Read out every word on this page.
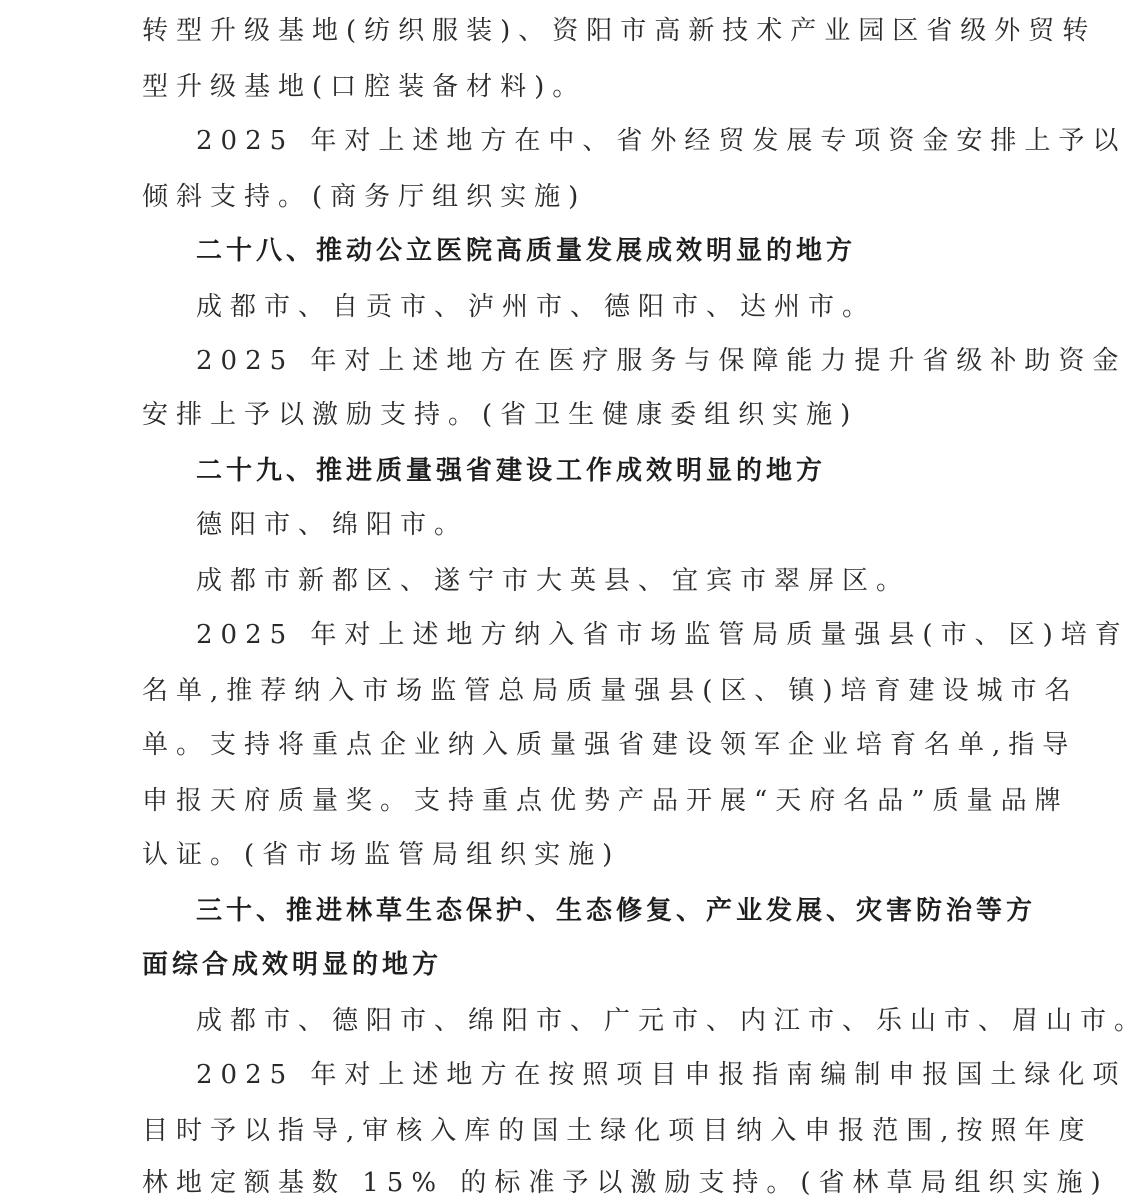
转型升级基地(纺织服装)、资阳市高新技术产业园区省级外贸转
型升级基地(口腔装备材料)。
2025 年对上述地方在中、省外经贸发展专项资金安排上予以
倾斜支持。(商务厅组织实施)
二十八、推动公立医院高质量发展成效明显的地方
成都市、自贡市、泸州市、德阳市、达州市。
2025 年对上述地方在医疗服务与保障能力提升省级补助资金
安排上予以激励支持。(省卫生健康委组织实施)
二十九、推进质量强省建设工作成效明显的地方
德阳市、绵阳市。
成都市新都区、遂宁市大英县、宜宾市翠屏区。
2025 年对上述地方纳入省市场监管局质量强县(市、区)培育
名单,推荐纳入市场监管总局质量强县(区、镇)培育建设城市名
单。支持将重点企业纳入质量强省建设领军企业培育名单,指导
申报天府质量奖。支持重点优势产品开展“天府名品”质量品牌
认证。(省市场监管局组织实施)
三十、推进林草生态保护、生态修复、产业发展、灾害防治等方
面综合成效明显的地方
成都市、德阳市、绵阳市、广元市、内江市、乐山市、眉山市。
2025 年对上述地方在按照项目申报指南编制申报国土绿化项
目时予以指导,审核入库的国土绿化项目纳入申报范围,按照年度
林地定额基数 15% 的标准予以激励支持。(省林草局组织实施)
